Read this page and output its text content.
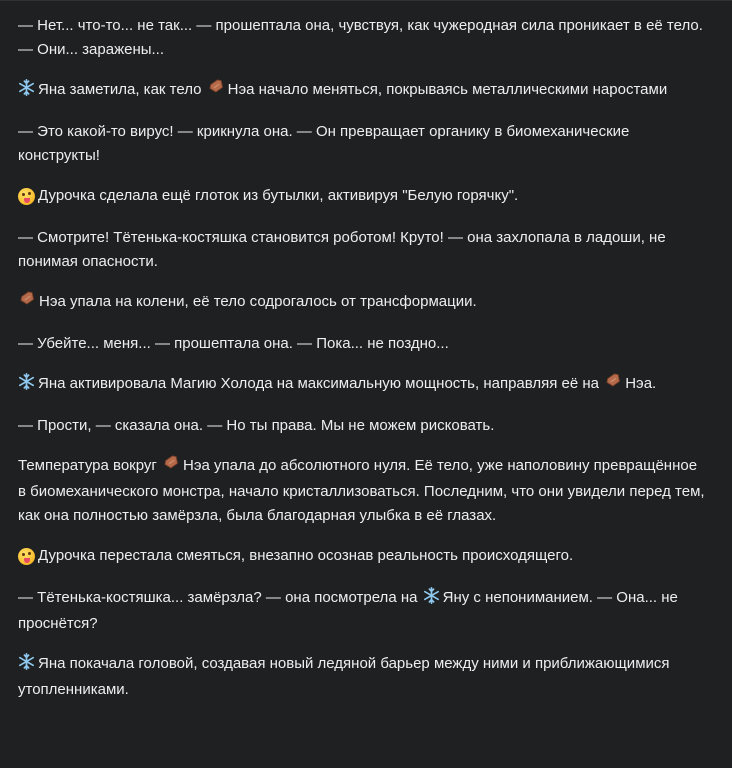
— Нет... что-то... не так... — прошептала она, чувствуя, как чужеродная сила проникает в её тело. — Они... заражены...

Яна заметила, как тело Нэа начало меняться, покрываясь металлическими наростами

— Это какой-то вирус! — крикнула она. — Он превращает органику в биомеханические конструкты!

Дурочка сделала ещё глоток из бутылки, активируя "Белую горячку".

— Смотрите! Тётенька-костяшка становится роботом! Круто! — она захлопала в ладоши, не понимая опасности.

Нэа упала на колени, её тело содрогалось от трансформации.

— Убейте... меня... — прошептала она. — Пока... не поздно...

Яна активировала Магию Холода на максимальную мощность, направляя её на Нэа.

— Прости, — сказала она. — Но ты права. Мы не можем рисковать.

Температура вокруг Нэа упала до абсолютного нуля. Её тело, уже наполовину превращённое в биомеханического монстра, начало кристаллизоваться. Последним, что они увидели перед тем, как она полностью замёрзла, была благодарная улыбка в её глазах.

Дурочка перестала смеяться, внезапно осознав реальность происходящего.

— Тётенька-костяшка... замёрзла? — она посмотрела на Яну с непониманием. — Она... не проснётся?

Яна покачала головой, создавая новый ледяной барьер между ними и приближающимися утопленниками.
